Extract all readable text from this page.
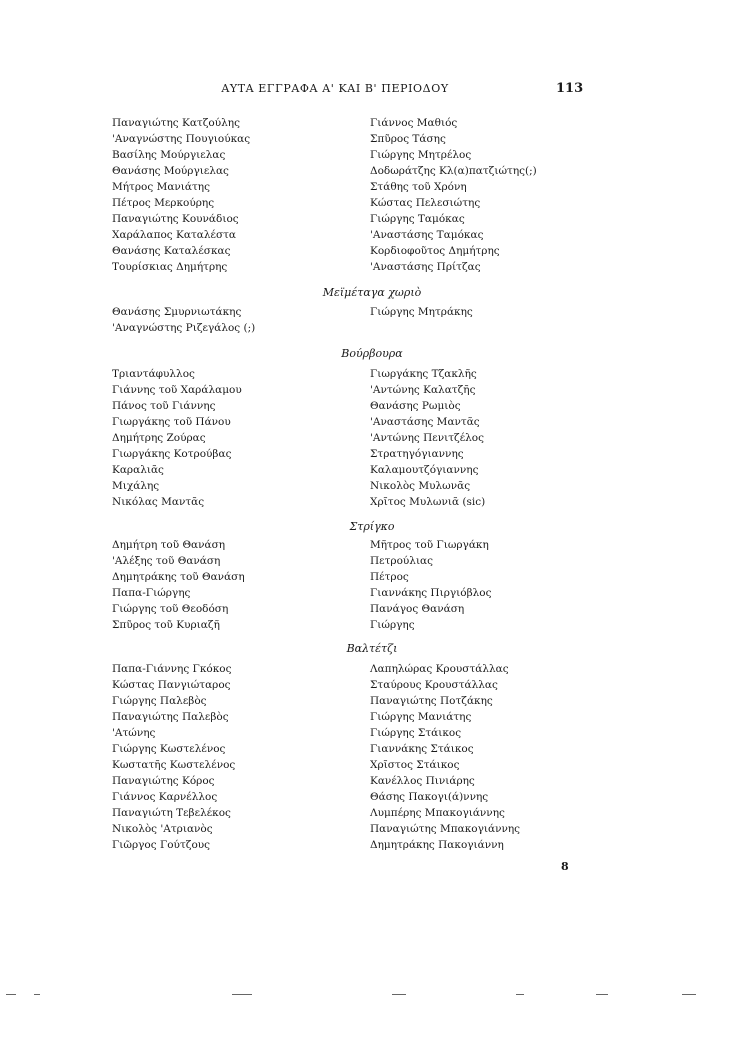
ΑΥΤΑ ΕΓΓΡΑΦΑ Α' ΚΑΙ Β' ΠΕΡΙΟΔΟΥ	113
Παναγιώτης Κατζούλης
'Αναγνώστης Πουγιούκας
Βασίλης Μούργιελας
Θανάσης Μούργιελας
Μήτρος Μανιάτης
Πέτρος Μερκούρης
Παναγιώτης Κουνάδιος
Χαράλαπος Καταλέστα
Θανάσης Καταλέσκας
Τουρίσκιας Δημήτρης
Γιάννος Μαθιός
Σπῦρος Τάσης
Γιώργης Μητρέλος
Δοδωράτζης Κλ(α)πατζιώτης(;)
Στάθης τοῦ Χρόνη
Κώστας Πελεσιώτης
Γιώργης Ταμόκας
'Αναστάσης Ταμόκας
Κορδιοφοῦτος Δημήτρης
'Αναστάσης Πρίτζας
Μεϊμέταγα χωριὸ
Θανάσης Σμυρνιωτάκης
'Αναγνώστης Ριζεγάλος (;)
Γιώργης Μητράκης
Βούρβουρα
Τριαντάφυλλος
Γιάννης τοῦ Χαράλαμου
Πάνος τοῦ Γιάννης
Γιωργάκης τοῦ Πάνου
Δημήτρης Ζούρας
Γιωργάκης Κοτρούβας
Καραλιᾶς
Μιχάλης
Νικόλας Μαντᾶς
Γιωργάκης Τζακλῆς
'Αντώνης Καλατζῆς
Θανάσης Ρωμιὸς
'Αναστάσης Μαντᾶς
'Αντώνης Πενιτζέλος
Στρατηγόγιαννης
Καλαμουτζόγιαννης
Νικολὸς Μυλωνᾶς
Χρῖτος Μυλωνιᾶ (sic)
Στρίγκο
Δημήτρη τοῦ Θανάση
'Αλέξης τοῦ Θανάση
Δημητράκης τοῦ Θανάση
Παπα-Γιώργης
Γιώργης τοῦ Θεοδόση
Σπῦρος τοῦ Κυριαζῆ
Μῆτρος τοῦ Γιωργάκη
Πετρούλιας
Πέτρος
Γιαννάκης Πιργιόβλος
Πανάγος Θανάση
Γιώργης
Βαλτέτζι
Παπα-Γιάννης Γκόκος
Κώστας Πανγιώταρος
Γιώργης Παλεβὸς
Παναγιώτης Παλεβὸς
'Ατώνης
Γιώργης Κωστελένος
Κωστατῆς Κωστελένος
Παναγιώτης Κόρος
Γιάννος Καρνέλλος
Παναγιώτη Τεβελέκος
Νικολὸς 'Ατριανὸς
Γιῶργος Γούτζους
Λαπηλώρας Κρουστάλλας
Σταύρους Κρουστάλλας
Παναγιώτης Ποτζάκης
Γιώργης Μανιάτης
Γιώργης Στάικος
Γιαννάκης Στάικος
Χρῖστος Στάικος
Κανέλλος Πινιάρης
Θάσης Πακογι(ά)ννης
Λυμπέρης Μπακογιάννης
Παναγιώτης Μπακογιάννης
Δημητράκης Πακογιάννη
8
